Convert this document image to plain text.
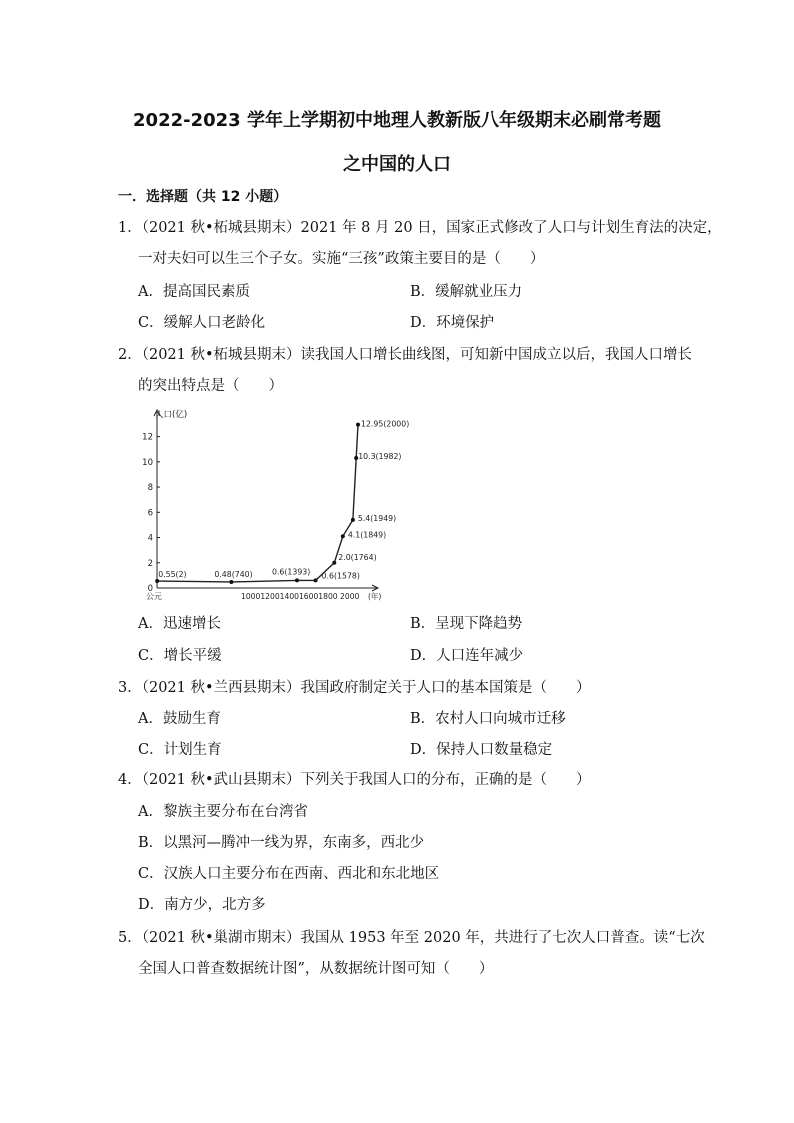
2022-2023 学年上学期初中地理人教新版八年级期末必刷常考题
之中国的人口
一．选择题（共 12 小题）
1．（2021 秋•柘城县期末）2021 年 8 月 20 日，国家正式修改了人口与计划生育法的决定，
一对夫妇可以生三个子女。实施“三孩”政策主要目的是（　　）
A．提高国民素质	B．缓解就业压力
C．缓解人口老龄化	D．环境保护
2．（2021 秋•柘城县期末）读我国人口增长曲线图，可知新中国成立以后，我国人口增长
的突出特点是（　　）
人口(亿)
(年)
公元	10001200140016001800 2000
0
2
4
6
8
10
12
0.55(2)	0.48(740) 0.6(1393) 0.6(1578)
2.0(1764)
4.1(1849)
5.4(1949)
10.3(1982)
12.95(2000)
A．迅速增长	B．呈现下降趋势
C．增长平缓	D．人口连年减少
3．（2021 秋•兰西县期末）我国政府制定关于人口的基本国策是（　　）
A．鼓励生育	B．农村人口向城市迁移
C．计划生育	D．保持人口数量稳定
4．（2021 秋•武山县期末）下列关于我国人口的分布，正确的是（　　）
A．黎族主要分布在台湾省
B．以黑河—腾冲一线为界，东南多，西北少
C．汉族人口主要分布在西南、西北和东北地区
D．南方少，北方多
5．（2021 秋•巢湖市期末）我国从 1953 年至 2020 年，共进行了七次人口普查。读“七次
全国人口普查数据统计图”，从数据统计图可知（　　）
